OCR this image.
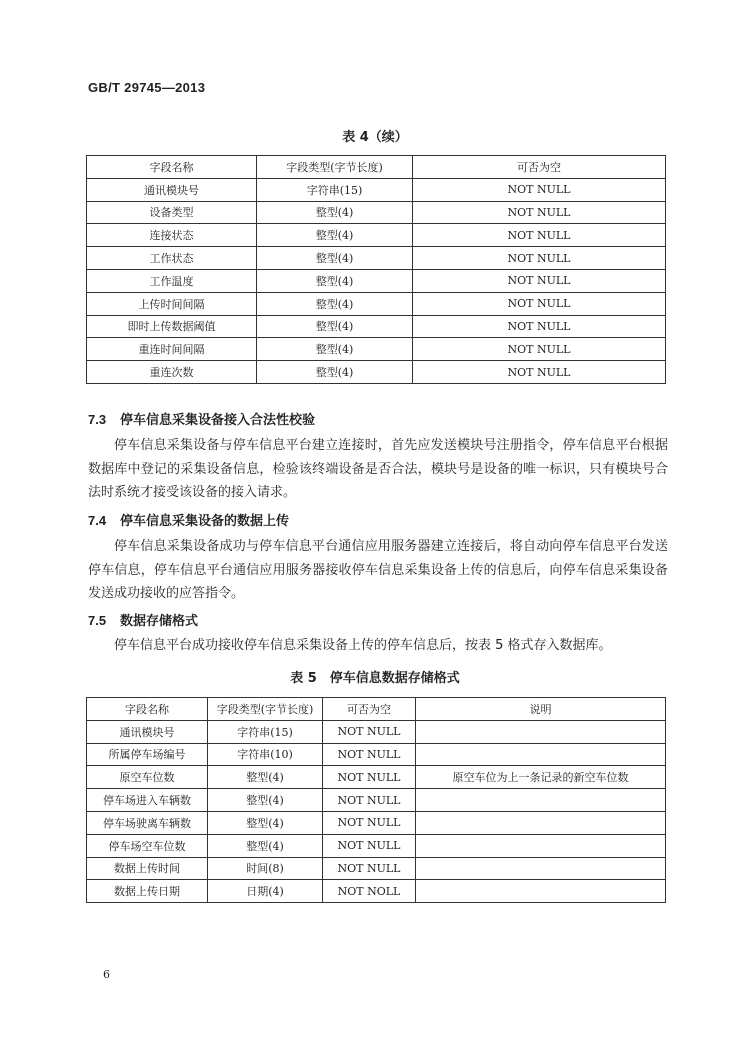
GB/T 29745—2013
表 4（续）
字段名称	字段类型(字节长度)	可否为空
通讯模块号	字符串(15)	NOT NULL
设备类型	整型(4)	NOT NULL
连接状态	整型(4)	NOT NULL
工作状态	整型(4)	NOT NULL
工作温度	整型(4)	NOT NULL
上传时间间隔	整型(4)	NOT NULL
即时上传数据阈值	整型(4)	NOT NULL
重连时间间隔	整型(4)	NOT NULL
重连次数	整型(4)	NOT NULL
7.3 停车信息采集设备接入合法性校验

停车信息采集设备与停车信息平台建立连接时，首先应发送模块号注册指令，停车信息平台根据数据库中登记的采集设备信息，检验该终端设备是否合法，模块号是设备的唯一标识，只有模块号合法时系统才接受该设备的接入请求。

7.4 停车信息采集设备的数据上传

停车信息采集设备成功与停车信息平台通信应用服务器建立连接后，将自动向停车信息平台发送停车信息，停车信息平台通信应用服务器接收停车信息采集设备上传的信息后，向停车信息采集设备发送成功接收的应答指令。

7.5 数据存储格式

停车信息平台成功接收停车信息采集设备上传的停车信息后，按表 5 格式存入数据库。

表 5　停车信息数据存储格式
字段名称	字段类型(字节长度)	可否为空	说明
通讯模块号	字符串(15)	NOT NULL	
所属停车场编号	字符串(10)	NOT NULL	
原空车位数	整型(4)	NOT NULL	原空车位为上一条记录的新空车位数
停车场进入车辆数	整型(4)	NOT NULL	
停车场驶离车辆数	整型(4)	NOT NULL	
停车场空车位数	整型(4)	NOT NULL	
数据上传时间	时间(8)	NOT NULL	
数据上传日期	日期(4)	NOT NOLL	
6
